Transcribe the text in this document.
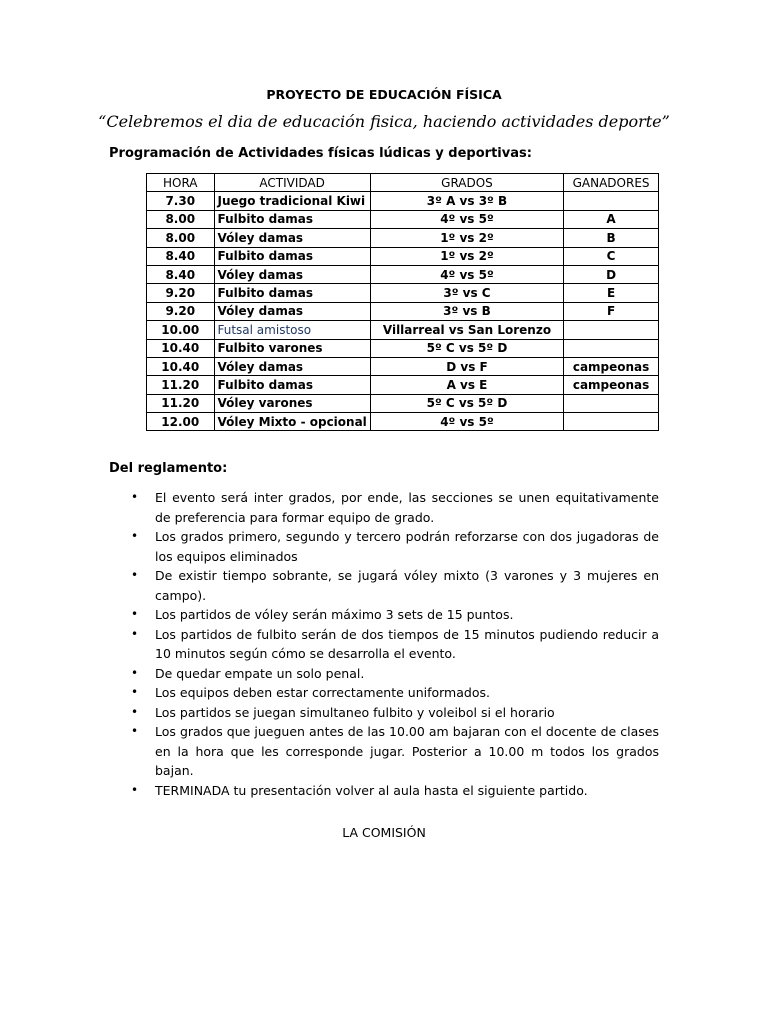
PROYECTO DE EDUCACIÓN FÍSICA
“Celebremos el dia de educación fisica, haciendo actividades deporte”
Programación de Actividades físicas lúdicas y deportivas:
HORA	ACTIVIDAD	GRADOS	GANADORES
7.30	Juego tradicional Kiwi	3º A vs 3º B	
8.00	Fulbito damas	4º vs 5º	A
8.00	Vóley damas	1º vs 2º	B
8.40	Fulbito damas	1º vs 2º	C
8.40	Vóley damas	4º vs 5º	D
9.20	Fulbito damas	3º vs C	E
9.20	Vóley damas	3º vs B	F
10.00	Futsal amistoso	Villarreal vs San Lorenzo	
10.40	Fulbito varones	5º C vs 5º D	
10.40	Vóley damas	D vs F	campeonas
11.20	Fulbito damas	A vs E	campeonas
11.20	Vóley varones	5º C vs 5º D	
12.00	Vóley Mixto - opcional	4º vs 5º	
Del reglamento:
• El evento será inter grados, por ende, las secciones se unen equitativamente de preferencia para formar equipo de grado.
• Los grados primero, segundo y tercero podrán reforzarse con dos jugadoras de los equipos eliminados
• De existir tiempo sobrante, se jugará vóley mixto (3 varones y 3 mujeres en campo).
• Los partidos de vóley serán máximo 3 sets de 15 puntos.
• Los partidos de fulbito serán de dos tiempos de 15 minutos pudiendo reducir a 10 minutos según cómo se desarrolla el evento.
• De quedar empate un solo penal.
• Los equipos deben estar correctamente uniformados.
• Los partidos se juegan simultaneo fulbito y voleibol si el horario
• Los grados que jueguen antes de las 10.00 am bajaran con el docente de clases en la hora que les corresponde jugar. Posterior a 10.00 m todos los grados bajan.
• TERMINADA tu presentación volver al aula hasta el siguiente partido.
LA COMISIÓN
